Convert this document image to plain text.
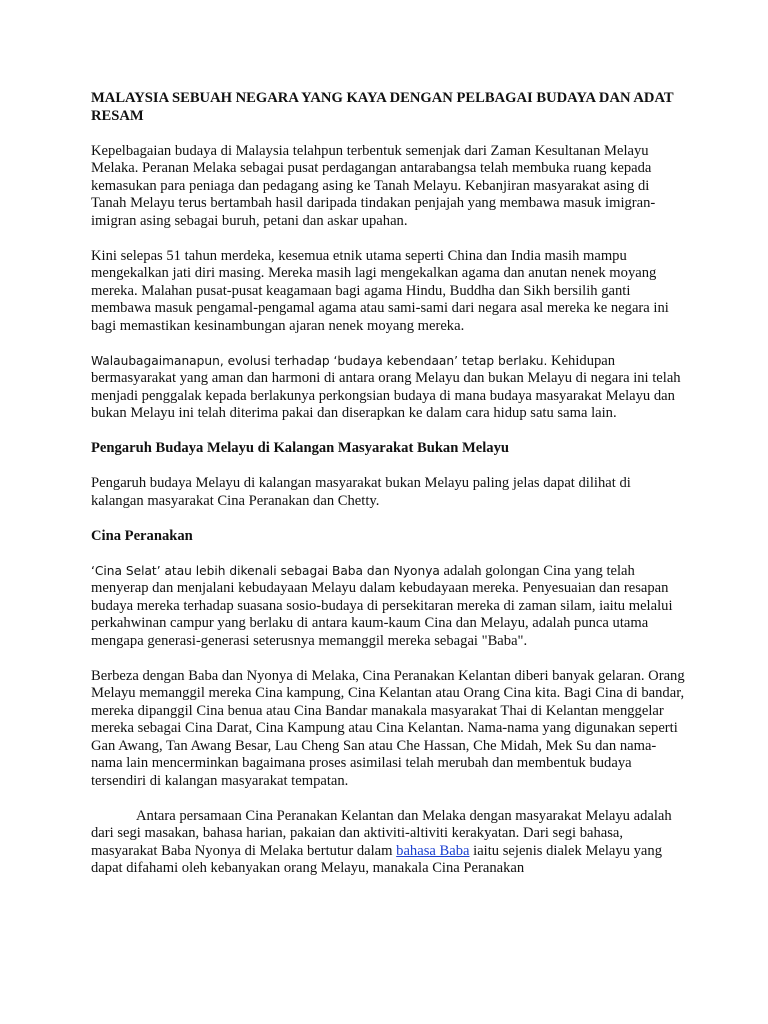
MALAYSIA SEBUAH NEGARA YANG KAYA DENGAN PELBAGAI BUDAYA DAN ADAT RESAM

Kepelbagaian budaya di Malaysia telahpun terbentuk semenjak dari Zaman Kesultanan Melayu Melaka. Peranan Melaka sebagai pusat perdagangan antarabangsa telah membuka ruang kepada kemasukan para peniaga dan pedagang asing ke Tanah Melayu. Kebanjiran masyarakat asing di Tanah Melayu terus bertambah hasil daripada tindakan penjajah yang membawa masuk imigran-imigran asing sebagai buruh, petani dan askar upahan.

Kini selepas 51 tahun merdeka, kesemua etnik utama seperti China dan India masih mampu mengekalkan jati diri masing. Mereka masih lagi mengekalkan agama dan anutan nenek moyang mereka. Malahan pusat-pusat keagamaan bagi agama Hindu, Buddha dan Sikh bersilih ganti membawa masuk pengamal-pengamal agama atau sami-sami dari negara asal mereka ke negara ini bagi memastikan kesinambungan ajaran nenek moyang mereka.

Walaubagaimanapun, evolusi terhadap ‘budaya kebendaan’ tetap berlaku. Kehidupan bermasyarakat yang aman dan harmoni di antara orang Melayu dan bukan Melayu di negara ini telah menjadi penggalak kepada berlakunya perkongsian budaya di mana budaya masyarakat Melayu dan bukan Melayu ini telah diterima pakai dan diserapkan ke dalam cara hidup satu sama lain.

Pengaruh Budaya Melayu di Kalangan Masyarakat Bukan Melayu

Pengaruh budaya Melayu di kalangan masyarakat bukan Melayu paling jelas dapat dilihat di kalangan masyarakat Cina Peranakan dan Chetty.

Cina Peranakan

‘Cina Selat’ atau lebih dikenali sebagai Baba dan Nyonya adalah golongan Cina yang telah menyerap dan menjalani kebudayaan Melayu dalam kebudayaan mereka. Penyesuaian dan resapan budaya mereka terhadap suasana sosio-budaya di persekitaran mereka di zaman silam, iaitu melalui perkahwinan campur yang berlaku di antara kaum-kaum Cina dan Melayu, adalah punca utama mengapa generasi-generasi seterusnya memanggil mereka sebagai "Baba".

Berbeza dengan Baba dan Nyonya di Melaka, Cina Peranakan Kelantan diberi banyak gelaran. Orang Melayu memanggil mereka Cina kampung, Cina Kelantan atau Orang Cina kita. Bagi Cina di bandar, mereka dipanggil Cina benua atau Cina Bandar manakala masyarakat Thai di Kelantan menggelar mereka sebagai Cina Darat, Cina Kampung atau Cina Kelantan. Nama-nama yang digunakan seperti Gan Awang, Tan Awang Besar, Lau Cheng San atau Che Hassan, Che Midah, Mek Su dan nama-nama lain mencerminkan bagaimana proses asimilasi telah merubah dan membentuk budaya tersendiri di kalangan masyarakat tempatan.

Antara persamaan Cina Peranakan Kelantan dan Melaka dengan masyarakat Melayu adalah dari segi masakan, bahasa harian, pakaian dan aktiviti-altiviti kerakyatan. Dari segi bahasa, masyarakat Baba Nyonya di Melaka bertutur dalam bahasa Baba iaitu sejenis dialek Melayu yang dapat difahami oleh kebanyakan orang Melayu, manakala Cina Peranakan
